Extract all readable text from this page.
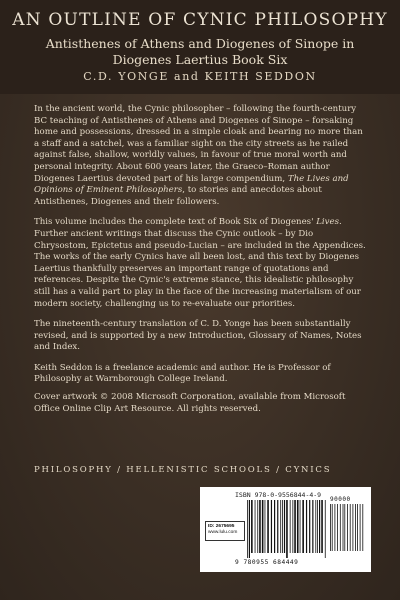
AN OUTLINE OF CYNIC PHILOSOPHY
Antisthenes of Athens and Diogenes of Sinope in
Diogenes Laertius Book Six
C.D. YONGE and KEITH SEDDON

In the ancient world, the Cynic philosopher – following the fourth-century BC teaching of Antisthenes of Athens and Diogenes of Sinope – forsaking home and possessions, dressed in a simple cloak and bearing no more than a staff and a satchel, was a familiar sight on the city streets as he railed against false, shallow, worldly values, in favour of true moral worth and personal integrity. About 600 years later, the Graeco–Roman author Diogenes Laertius devoted part of his large compendium, The Lives and Opinions of Eminent Philosophers, to stories and anecdotes about Antisthenes, Diogenes and their followers.

This volume includes the complete text of Book Six of Diogenes' Lives. Further ancient writings that discuss the Cynic outlook – by Dio Chrysostom, Epictetus and pseudo-Lucian – are included in the Appendices. The works of the early Cynics have all been lost, and this text by Diogenes Laertius thankfully preserves an important range of quotations and references. Despite the Cynic's extreme stance, this idealistic philosophy still has a valid part to play in the face of the increasing materialism of our modern society, challenging us to re-evaluate our priorities.

The nineteenth-century translation of C. D. Yonge has been substantially revised, and is supported by a new Introduction, Glossary of Names, Notes and Index.

Keith Seddon is a freelance academic and author. He is Professor of Philosophy at Warnborough College Ireland.

Cover artwork © 2008 Microsoft Corporation, available from Microsoft Office Online Clip Art Resource. All rights reserved.

PHILOSOPHY / HELLENISTIC SCHOOLS / CYNICS
ISBN 978-0-9556844-4-9
ID: 2675695
www.lulu.com
90000
9 780955 684449
